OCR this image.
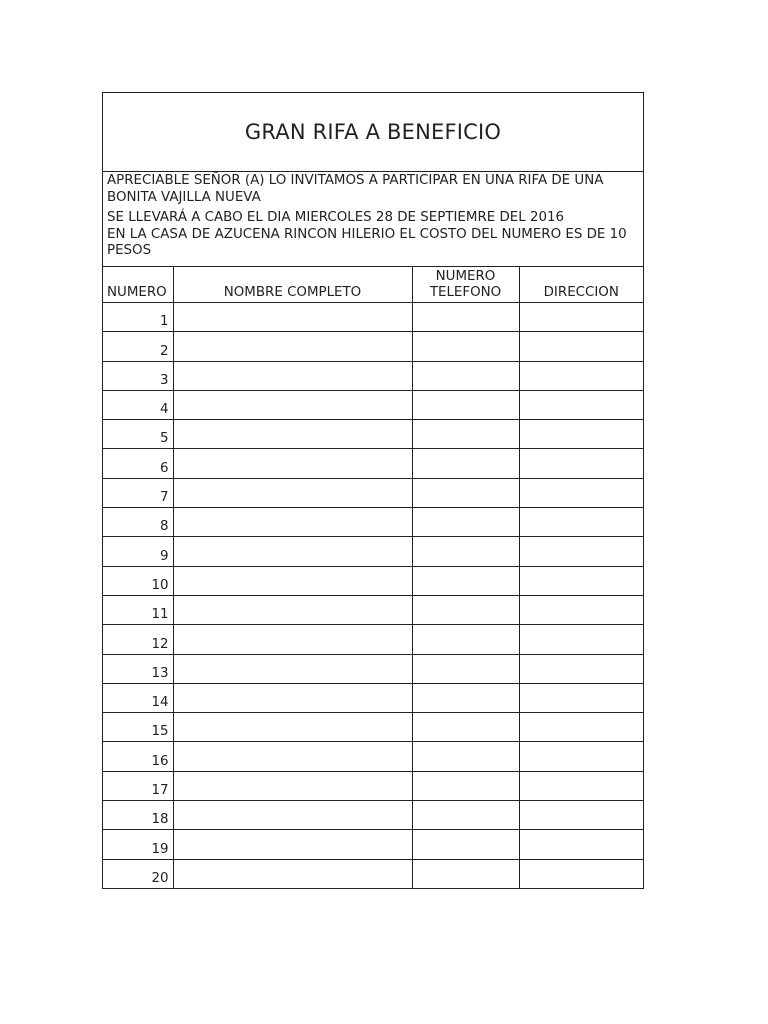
GRAN RIFA A BENEFICIO

APRECIABLE SEÑOR (A) LO INVITAMOS A PARTICIPAR EN UNA RIFA DE UNA BONITA VAJILLA NUEVA

SE LLEVARÁ A CABO EL DIA MIERCOLES 28 DE SEPTIEMRE DEL 2016

EN LA CASA DE AZUCENA RINCON HILERIO EL COSTO DEL NUMERO ES DE 10 PESOS

NUMERO	NOMBRE COMPLETO	NUMERO TELEFONO	DIRECCION
1			
2			
3			
4			
5			
6			
7			
8			
9			
10			
11			
12			
13			
14			
15			
16			
17			
18			
19			
20			
